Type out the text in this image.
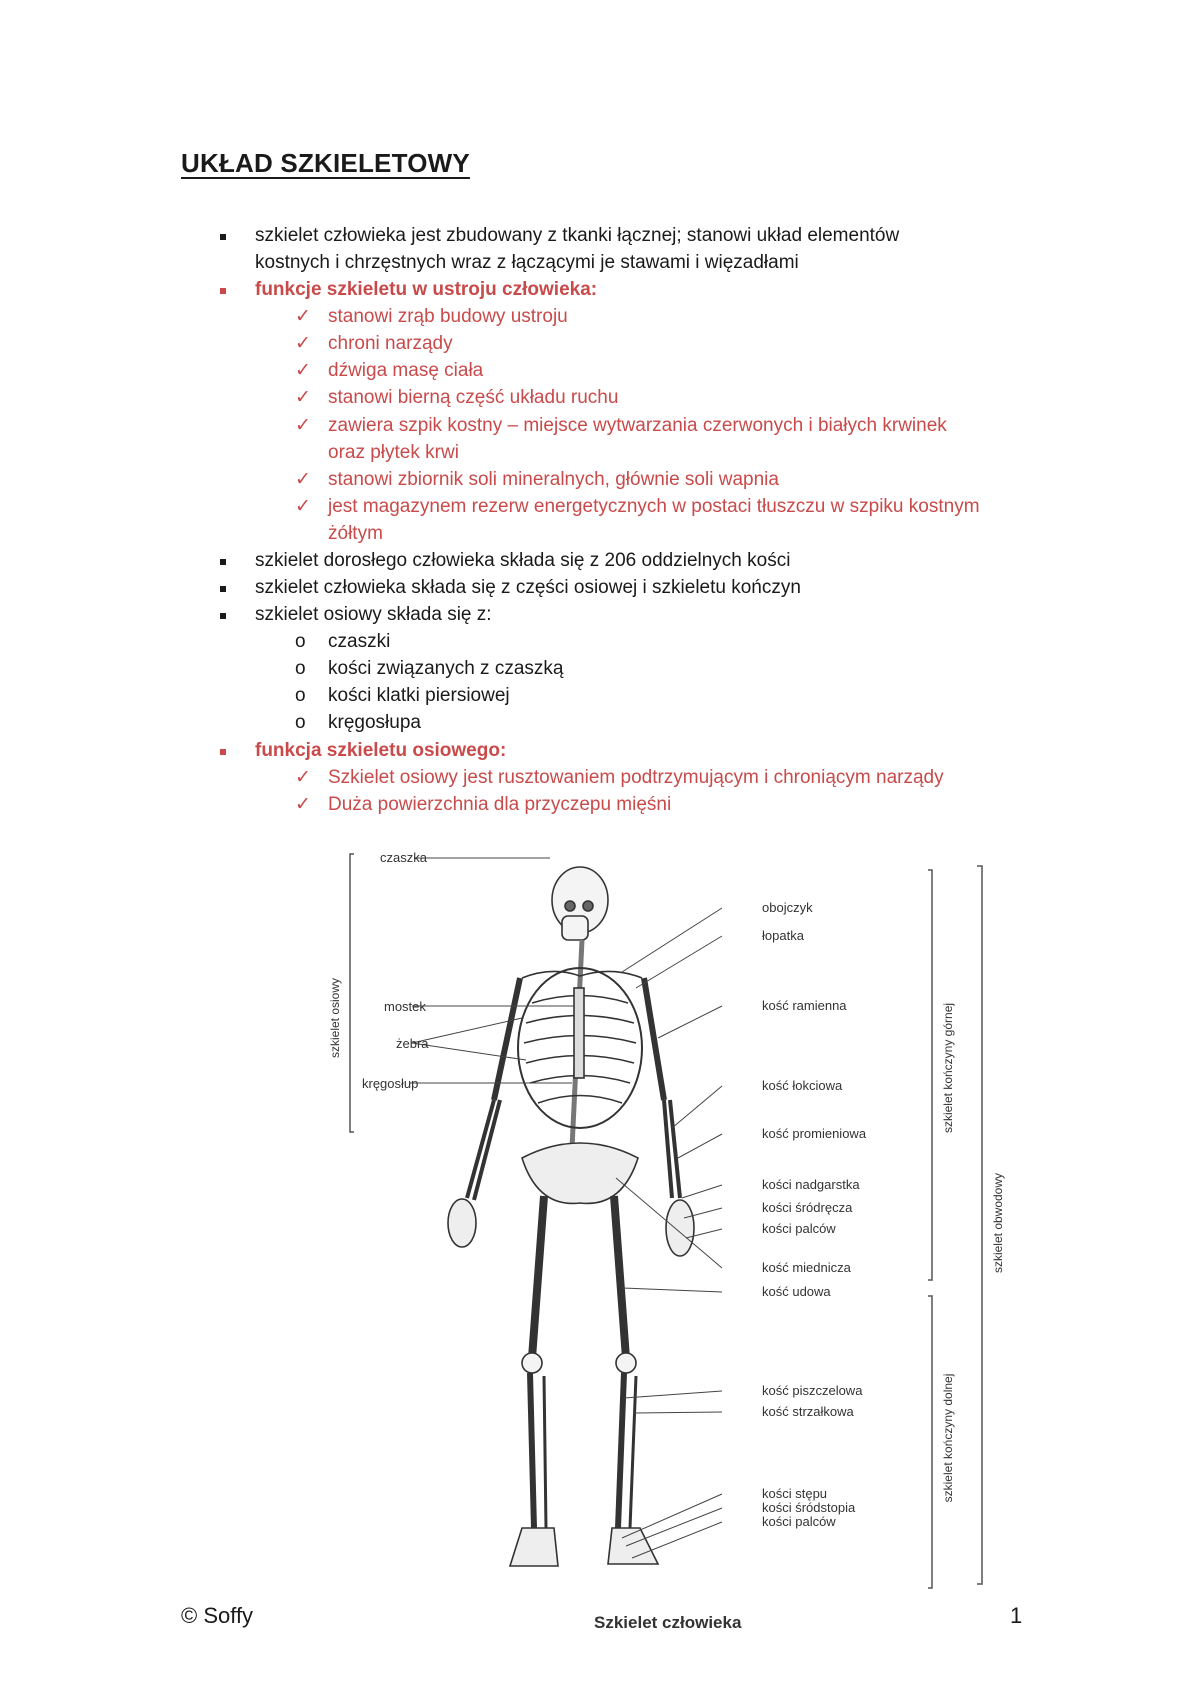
UKŁAD SZKIELETOWY
szkielet człowieka jest zbudowany z tkanki łącznej; stanowi układ elementów
kostnych i chrzęstnych wraz z łączącymi je stawami i więzadłami
funkcje szkieletu w ustroju człowieka:
✓ stanowi zrąb budowy ustroju
✓ chroni narządy
✓ dźwiga masę ciała
✓ stanowi bierną część układu ruchu
✓ zawiera szpik kostny – miejsce wytwarzania czerwonych i białych krwinek
oraz płytek krwi
✓ stanowi zbiornik soli mineralnych, głównie soli wapnia
✓ jest magazynem rezerw energetycznych w postaci tłuszczu w szpiku kostnym
żółtym
szkielet dorosłego człowieka składa się z 206 oddzielnych kości
szkielet człowieka składa się z części osiowej i szkieletu kończyn
szkielet osiowy składa się z:
o czaszki
o kości związanych z czaszką
o kości klatki piersiowej
o kręgosłupa
funkcja szkieletu osiowego:
✓ Szkielet osiowy jest rusztowaniem podtrzymującym i chroniącym narządy
✓ Duża powierzchnia dla przyczepu mięśni
szkielet osiowy	szkielet kończyny górnej
szkielet kończyny dolnej
szkielet obwodowy
czaszka
mostek
żebra
kręgosłup
obojczyk
łopatka
kość ramienna
kość łokciowa
kość promieniowa
kości nadgarstka
kości śródręcza
kości palców
kość miednicza
kość udowa
kość piszczelowa
kość strzałkowa
kości stępu
kości śródstopia
kości palców
Szkielet człowieka
© Soffy	1
